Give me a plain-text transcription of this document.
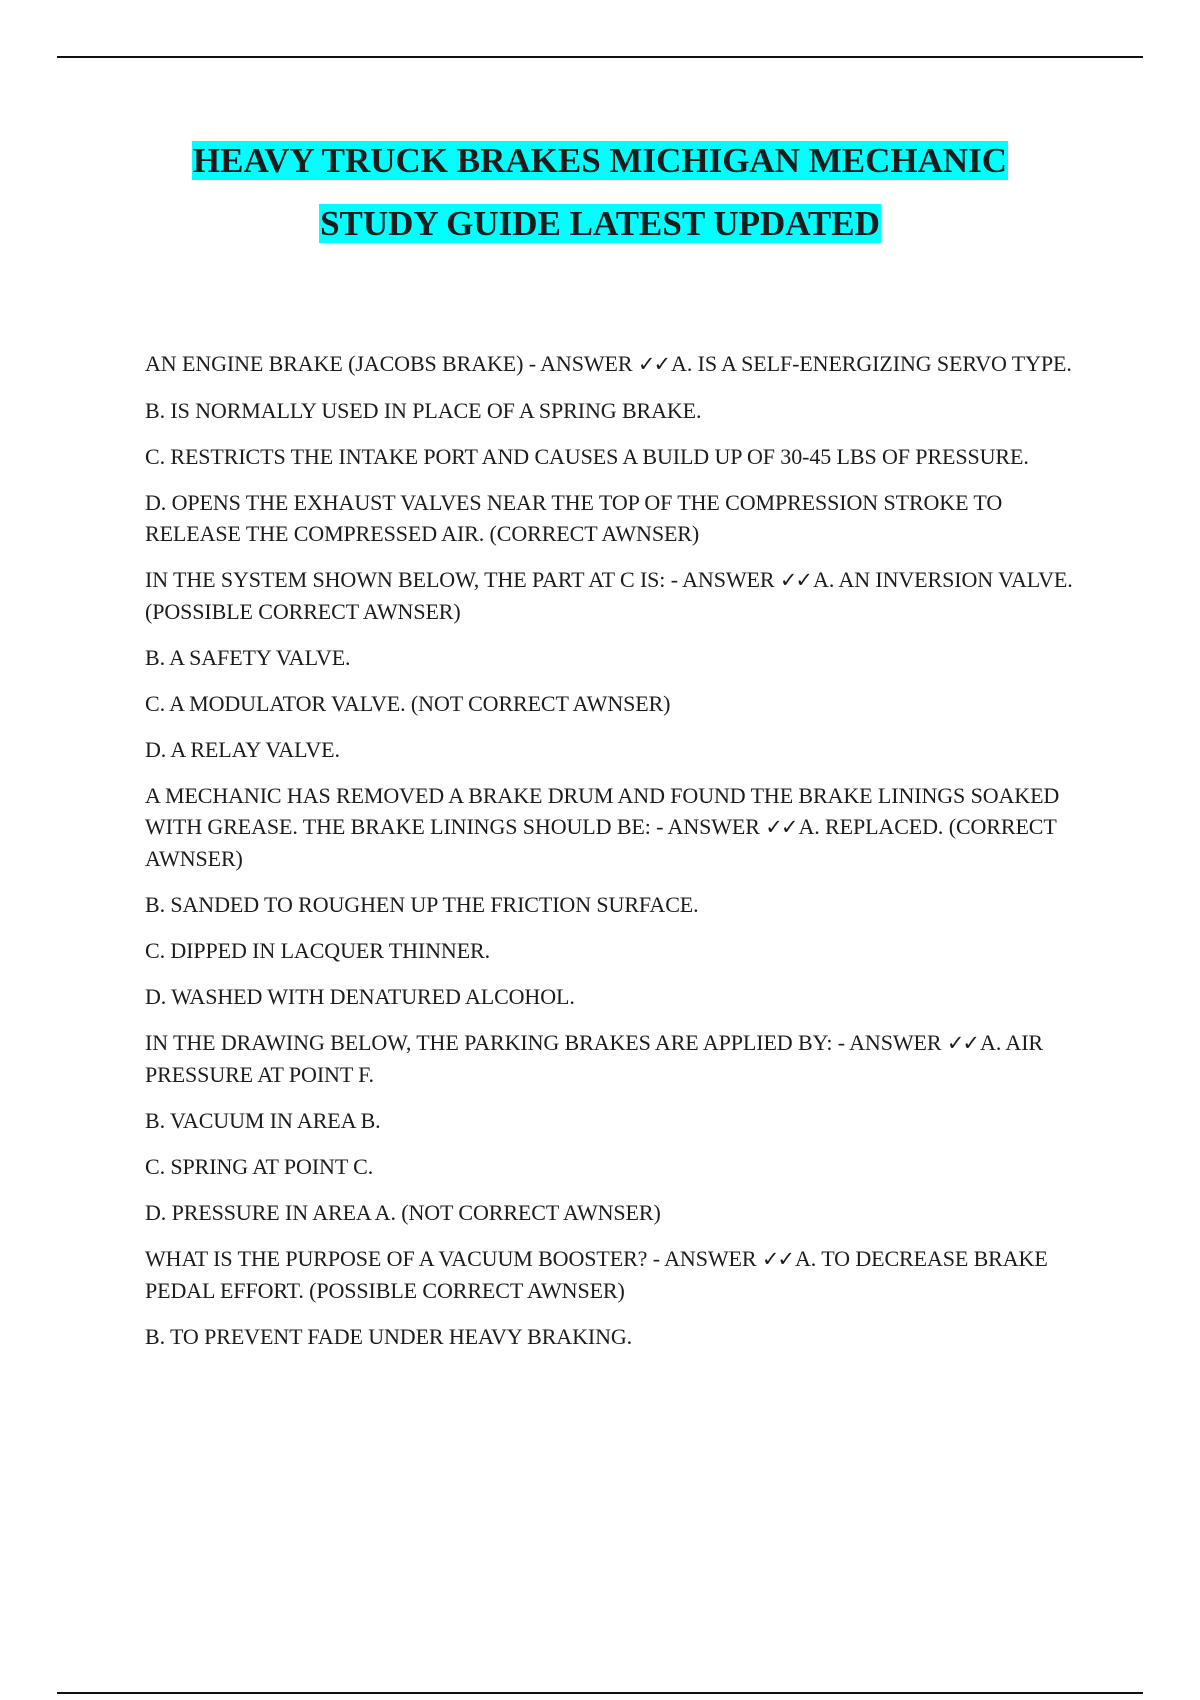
HEAVY TRUCK BRAKES MICHIGAN MECHANIC
STUDY GUIDE LATEST UPDATED

AN ENGINE BRAKE (JACOBS BRAKE) - ANSWER ✓✓A. IS A SELF-ENERGIZING SERVO TYPE.

B. IS NORMALLY USED IN PLACE OF A SPRING BRAKE.

C. RESTRICTS THE INTAKE PORT AND CAUSES A BUILD UP OF 30-45 LBS OF PRESSURE.

D. OPENS THE EXHAUST VALVES NEAR THE TOP OF THE COMPRESSION STROKE TO RELEASE THE COMPRESSED AIR. (CORRECT AWNSER)

IN THE SYSTEM SHOWN BELOW, THE PART AT C IS: - ANSWER ✓✓A. AN INVERSION VALVE. (POSSIBLE CORRECT AWNSER)

B. A SAFETY VALVE.

C. A MODULATOR VALVE. (NOT CORRECT AWNSER)

D. A RELAY VALVE.

A MECHANIC HAS REMOVED A BRAKE DRUM AND FOUND THE BRAKE LININGS SOAKED WITH GREASE. THE BRAKE LININGS SHOULD BE: - ANSWER ✓✓A. REPLACED. (CORRECT AWNSER)

B. SANDED TO ROUGHEN UP THE FRICTION SURFACE.

C. DIPPED IN LACQUER THINNER.

D. WASHED WITH DENATURED ALCOHOL.

IN THE DRAWING BELOW, THE PARKING BRAKES ARE APPLIED BY: - ANSWER ✓✓A. AIR PRESSURE AT POINT F.

B. VACUUM IN AREA B.

C. SPRING AT POINT C.

D. PRESSURE IN AREA A. (NOT CORRECT AWNSER)

WHAT IS THE PURPOSE OF A VACUUM BOOSTER? - ANSWER ✓✓A. TO DECREASE BRAKE PEDAL EFFORT. (POSSIBLE CORRECT AWNSER)

B. TO PREVENT FADE UNDER HEAVY BRAKING.
